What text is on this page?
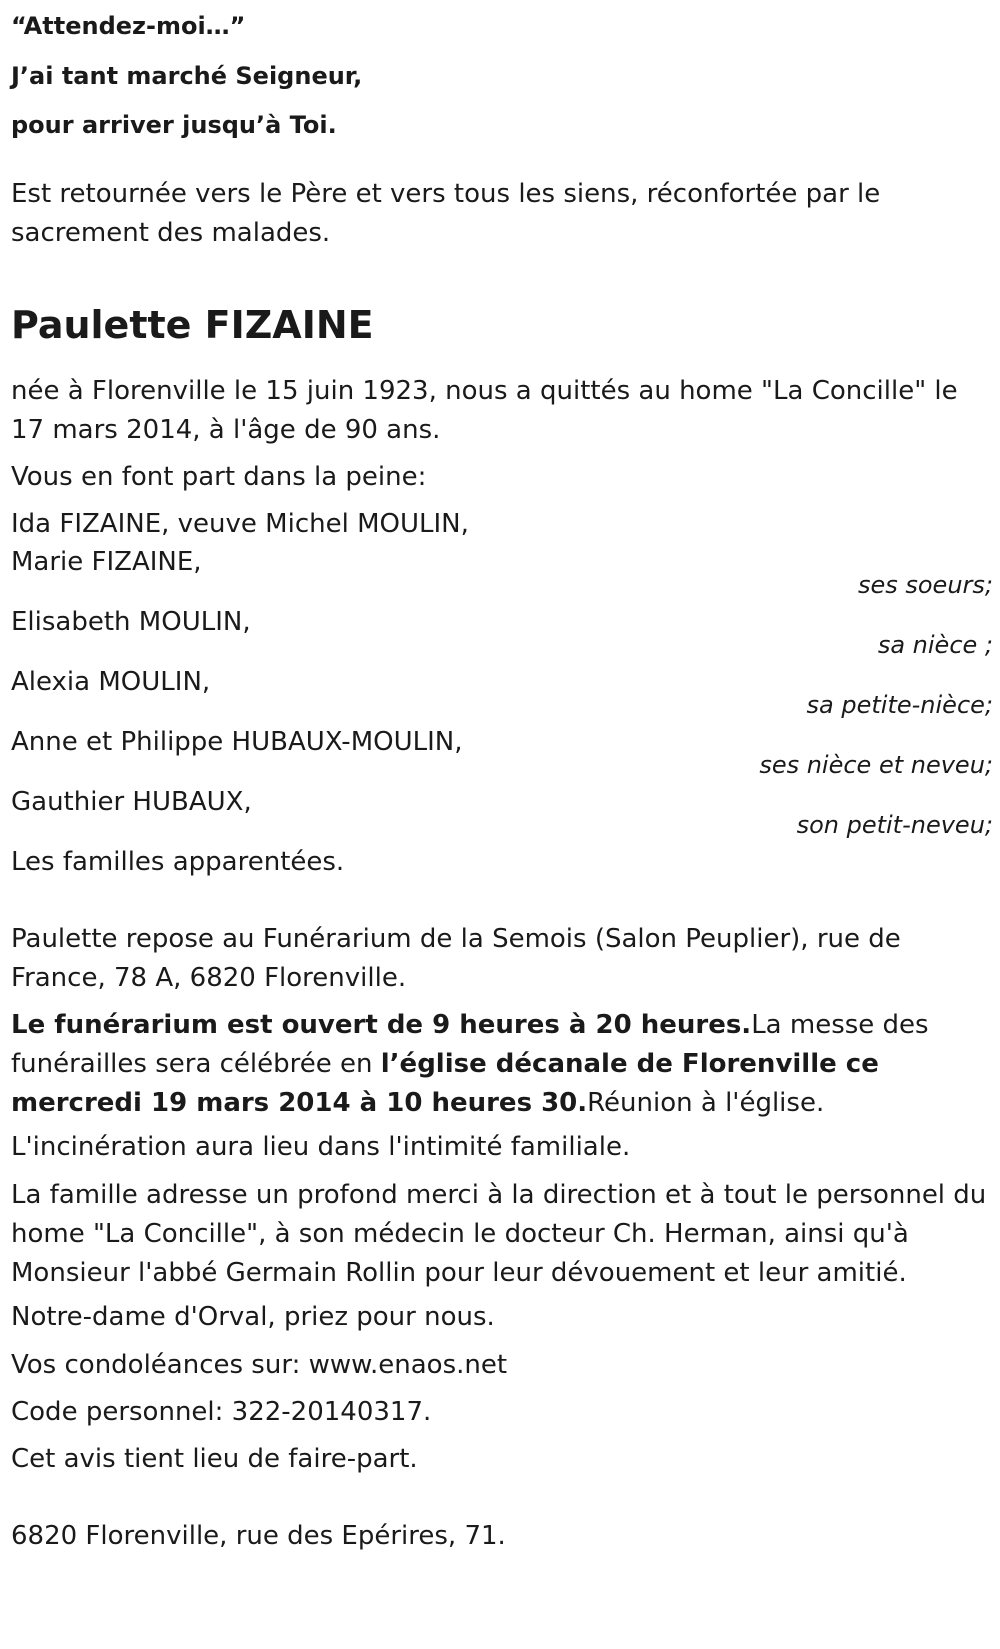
“Attendez-moi…”

J’ai tant marché Seigneur,

pour arriver jusqu’à Toi.

Est retournée vers le Père et vers tous les siens, réconfortée par le sacrement des malades.

Paulette FIZAINE

née à Florenville le 15 juin 1923, nous a quittés au home "La Concille" le 17 mars 2014, à l'âge de 90 ans.

Vous en font part dans la peine:

Ida FIZAINE, veuve Michel MOULIN,

Marie FIZAINE,

ses soeurs;

Elisabeth MOULIN,

sa nièce ;

Alexia MOULIN,

sa petite-nièce;

Anne et Philippe HUBAUX-MOULIN,

ses nièce et neveu;

Gauthier HUBAUX,

son petit-neveu;

Les familles apparentées.

Paulette repose au Funérarium de la Semois (Salon Peuplier), rue de France, 78 A, 6820 Florenville.

Le funérarium est ouvert de 9 heures à 20 heures.La messe des funérailles sera célébrée en l’église décanale de Florenville ce mercredi 19 mars 2014 à 10 heures 30.Réunion à l'église.

L'incinération aura lieu dans l'intimité familiale.

La famille adresse un profond merci à la direction et à tout le personnel du home "La Concille", à son médecin le docteur Ch. Herman, ainsi qu'à Monsieur l'abbé Germain Rollin pour leur dévouement et leur amitié.

Notre-dame d'Orval, priez pour nous.

Vos condoléances sur: www.enaos.net

Code personnel: 322-20140317.

Cet avis tient lieu de faire-part.

6820 Florenville, rue des Epérires, 71.
